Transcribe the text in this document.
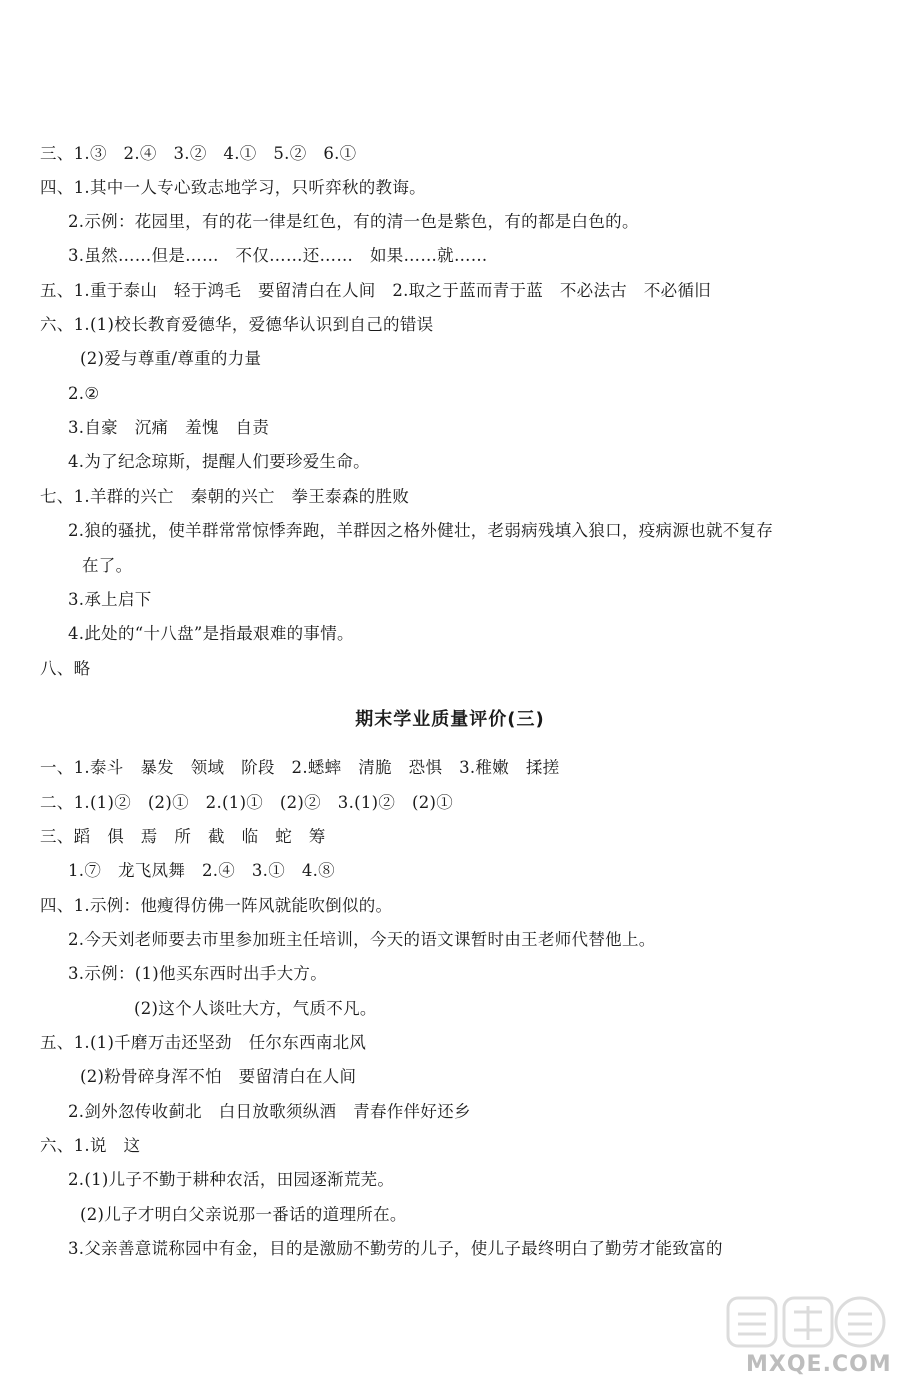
三、1.③　2.④　3.②　4.①　5.②　6.①
四、1.其中一人专心致志地学习，只听弈秋的教诲。
2.示例：花园里，有的花一律是红色，有的清一色是紫色，有的都是白色的。
3.虽然……但是……　不仅……还……　如果……就……
五、1.重于泰山　轻于鸿毛　要留清白在人间　2.取之于蓝而青于蓝　不必法古　不必循旧
六、1.(1)校长教育爱德华，爱德华认识到自己的错误
(2)爱与尊重/尊重的力量
2.②
3.自豪　沉痛　羞愧　自责
4.为了纪念琼斯，提醒人们要珍爱生命。
七、1.羊群的兴亡　秦朝的兴亡　拳王泰森的胜败
2.狼的骚扰，使羊群常常惊悸奔跑，羊群因之格外健壮，老弱病残填入狼口，疫病源也就不复存
在了。
3.承上启下
4.此处的“十八盘”是指最艰难的事情。
八、略
期末学业质量评价(三)
一、1.泰斗　暴发　领域　阶段　2.蟋蟀　清脆　恐惧　3.稚嫩　揉搓
二、1.(1)②　(2)①　2.(1)①　(2)②　3.(1)②　(2)①
三、蹈　俱　焉　所　截　临　蛇　筹
1.⑦　龙飞凤舞　2.④　3.①　4.⑧
四、1.示例：他瘦得仿佛一阵风就能吹倒似的。
2.今天刘老师要去市里参加班主任培训，今天的语文课暂时由王老师代替他上。
3.示例：(1)他买东西时出手大方。
(2)这个人谈吐大方，气质不凡。
五、1.(1)千磨万击还坚劲　任尔东西南北风
(2)粉骨碎身浑不怕　要留清白在人间
2.剑外忽传收蓟北　白日放歌须纵酒　青春作伴好还乡
六、1.说　这
2.(1)儿子不勤于耕种农活，田园逐渐荒芜。
(2)儿子才明白父亲说那一番话的道理所在。
3.父亲善意谎称园中有金，目的是激励不勤劳的儿子，使儿子最终明白了勤劳才能致富的
MXQE.COM
